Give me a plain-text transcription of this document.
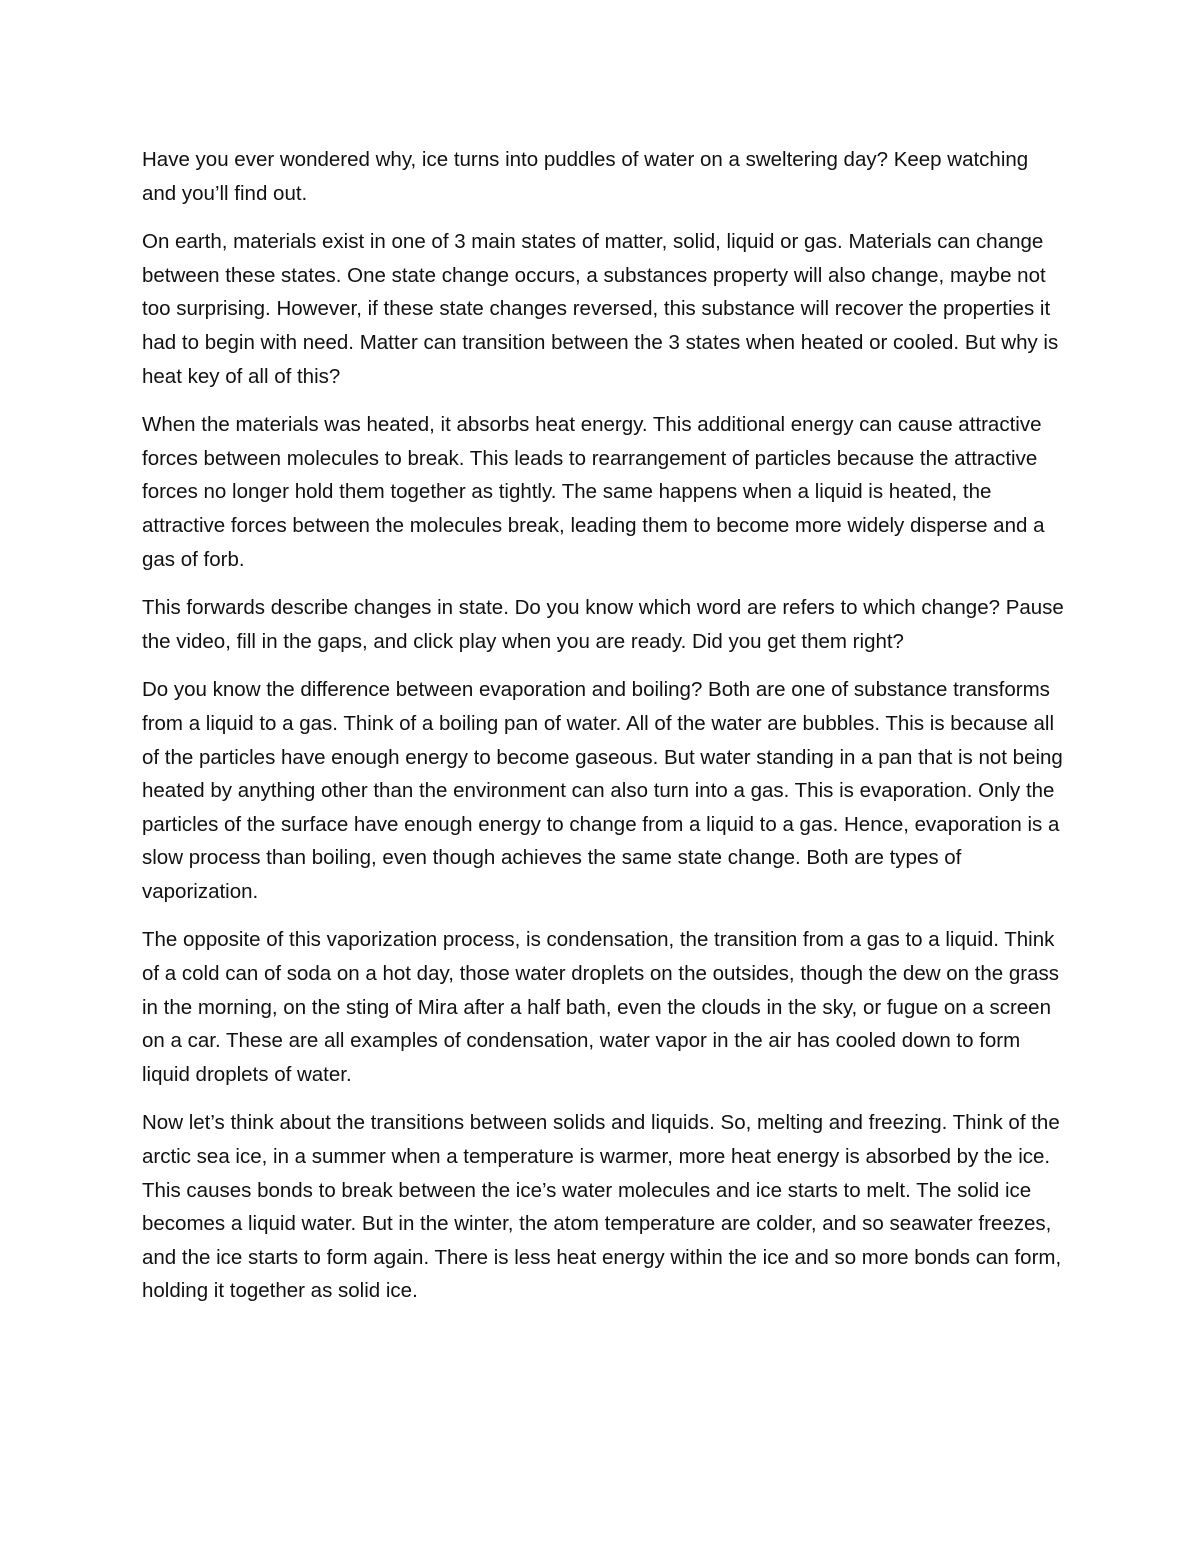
Have you ever wondered why, ice turns into puddles of water on a sweltering day? Keep watching and you’ll find out.

On earth, materials exist in one of 3 main states of matter, solid, liquid or gas. Materials can change between these states. One state change occurs, a substances property will also change, maybe not too surprising. However, if these state changes reversed, this substance will recover the properties it had to begin with need. Matter can transition between the 3 states when heated or cooled. But why is heat key of all of this?

When the materials was heated, it absorbs heat energy. This additional energy can cause attractive forces between molecules to break. This leads to rearrangement of particles because the attractive forces no longer hold them together as tightly. The same happens when a liquid is heated, the attractive forces between the molecules break, leading them to become more widely disperse and a gas of forb.

This forwards describe changes in state. Do you know which word are refers to which change? Pause the video, fill in the gaps, and click play when you are ready. Did you get them right?

Do you know the difference between evaporation and boiling? Both are one of substance transforms from a liquid to a gas. Think of a boiling pan of water. All of the water are bubbles. This is because all of the particles have enough energy to become gaseous. But water standing in a pan that is not being heated by anything other than the environment can also turn into a gas. This is evaporation. Only the particles of the surface have enough energy to change from a liquid to a gas. Hence, evaporation is a slow process than boiling, even though achieves the same state change. Both are types of vaporization.

The opposite of this vaporization process, is condensation, the transition from a gas to a liquid. Think of a cold can of soda on a hot day, those water droplets on the outsides, though the dew on the grass in the morning, on the sting of Mira after a half bath, even the clouds in the sky, or fugue on a screen on a car. These are all examples of condensation, water vapor in the air has cooled down to form liquid droplets of water.

Now let’s think about the transitions between solids and liquids. So, melting and freezing. Think of the arctic sea ice, in a summer when a temperature is warmer, more heat energy is absorbed by the ice. This causes bonds to break between the ice’s water molecules and ice starts to melt. The solid ice becomes a liquid water. But in the winter, the atom temperature are colder, and so seawater freezes, and the ice starts to form again. There is less heat energy within the ice and so more bonds can form, holding it together as solid ice.
